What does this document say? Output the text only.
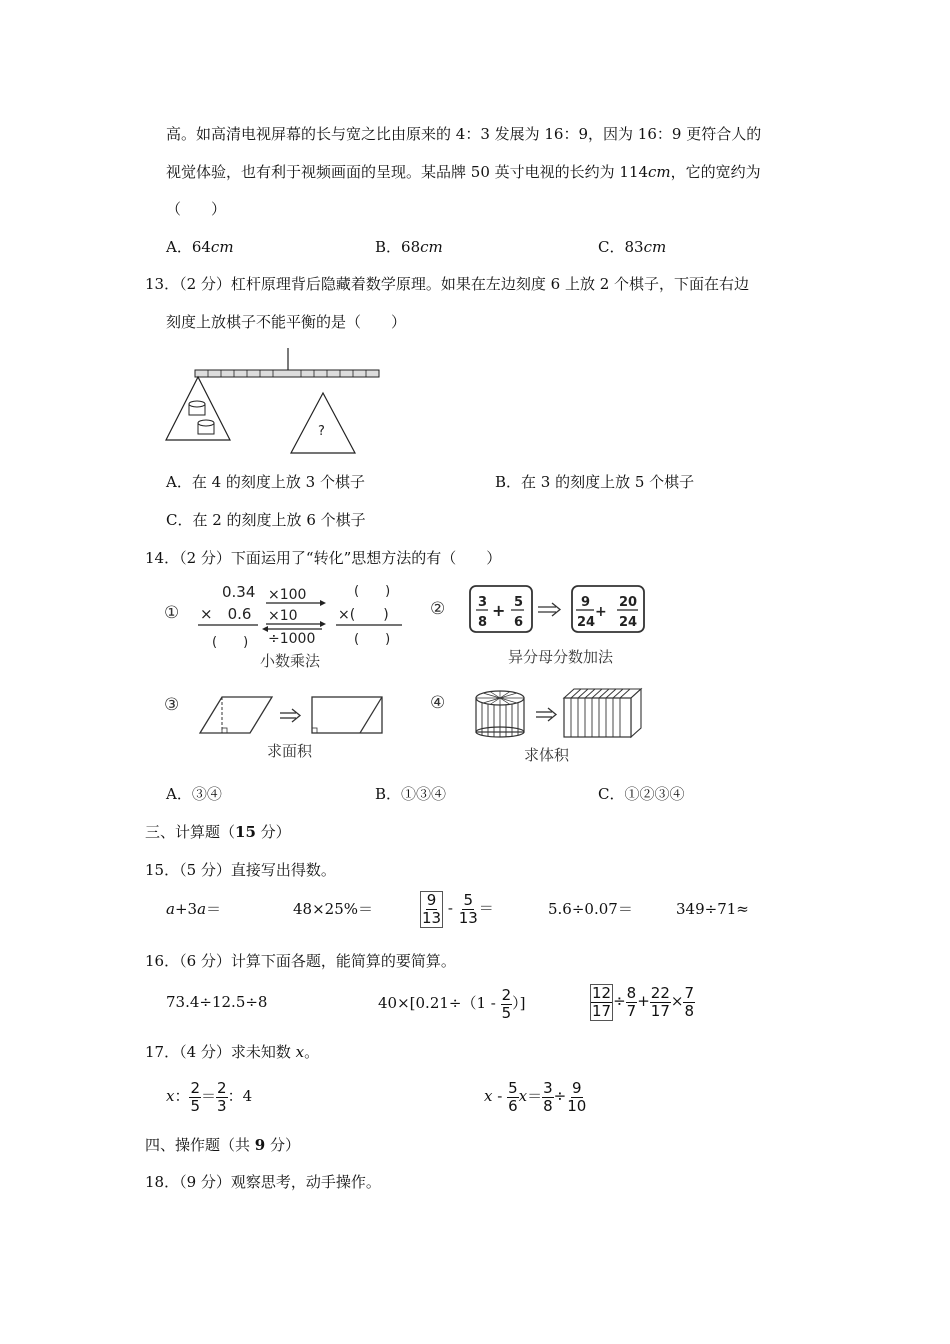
高。如高清电视屏幕的长与宽之比由原来的 4：3 发展为 16：9，因为 16：9 更符合人的
视觉体验，也有利于视频画面的呈现。某品牌 50 英寸电视的长约为 114cm，它的宽约为
（　　）
A．64cm	B．68cm	C．83cm
13．（2 分）杠杆原理背后隐藏着数学原理。如果在左边刻度 6 上放 2 个棋子，下面在右边
刻度上放棋子不能平衡的是（　　）
?
A．在 4 的刻度上放 3 个棋子	B．在 3 的刻度上放 5 个棋子
C．在 2 的刻度上放 6 个棋子
14．（2 分）下面运用了“转化”思想方法的有（　　）
①
0.34
×　0.6
(　　)
×100
×10
÷1000
(　　)
×(　　)
(　　)
小数乘法
②	3
8
+ 5
6
9
24
+
20
24
异分母分数加法
③
求面积
④
求体积
A．③④	B．①③④	C．①②③④
三、计算题（15 分）
15．（5 分）直接写出得数。
a+3a＝	48×25%＝	$\frac{9}{13} - \frac{5}{13}$ ＝	5.6÷0.07＝	349÷71≈
16．（6 分）计算下面各题，能简算的要简算。
73.4÷12.5÷8	$40\times[0.21\div(1 - \frac{2}{5}$ ）]	$\frac{12}{17} \div \frac{8}{7} + \frac{22}{17} \times \frac{7}{8}$
17．（4 分）求未知数 x。
x： $\frac{2}{5} = \frac{2}{3}$ ：4	$x - \frac{5}{6} x= \frac{3}{8} \div \frac{9}{10}$
四、操作题（共 9 分）
18．（9 分）观察思考，动手操作。
